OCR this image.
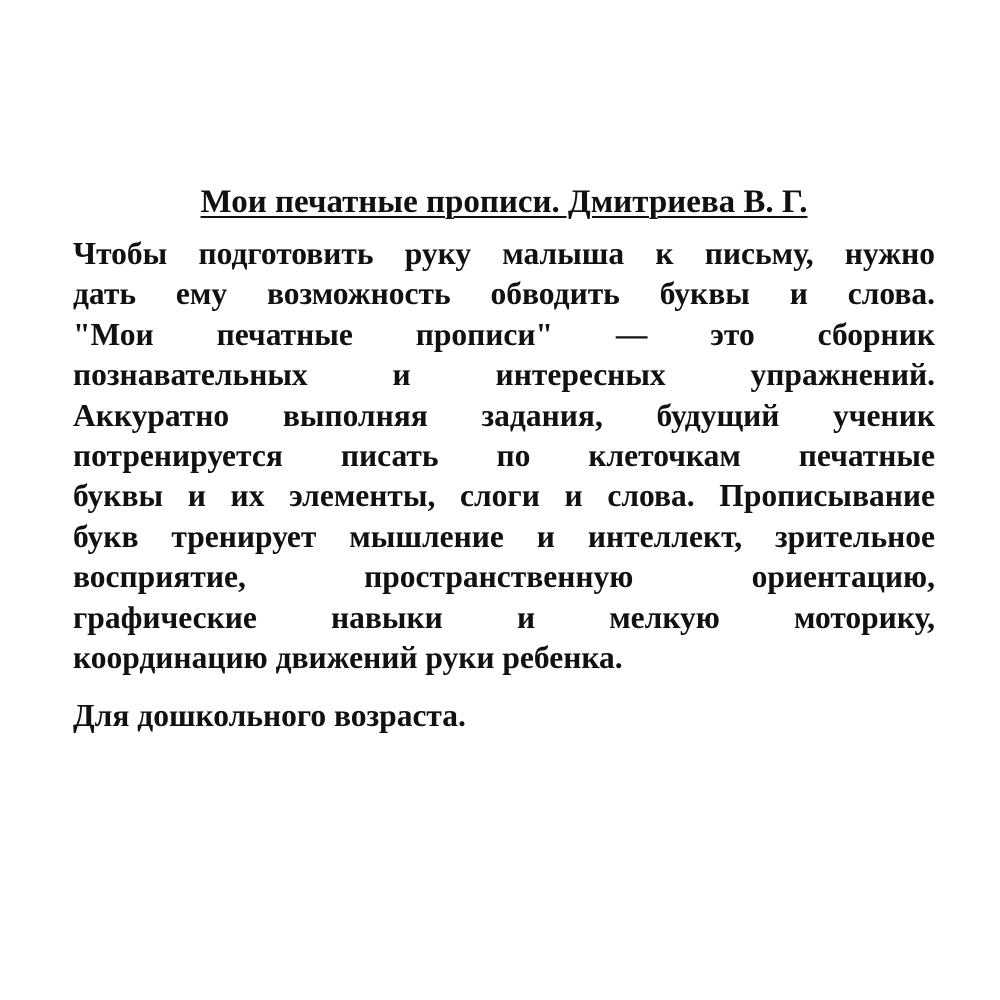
Мои печатные прописи. Дмитриева В. Г.
Чтобы подготовить руку малыша к письму, нужно
дать ему возможность обводить буквы и слова.
"Мои печатные прописи" — это сборник
познавательных и интересных упражнений.
Аккуратно выполняя задания, будущий ученик
потренируется писать по клеточкам печатные
буквы и их элементы, слоги и слова. Прописывание
букв тренирует мышление и интеллект, зрительное
восприятие, пространственную ориентацию,
графические навыки и мелкую моторику,
координацию движений руки ребенка.
Для дошкольного возраста.
